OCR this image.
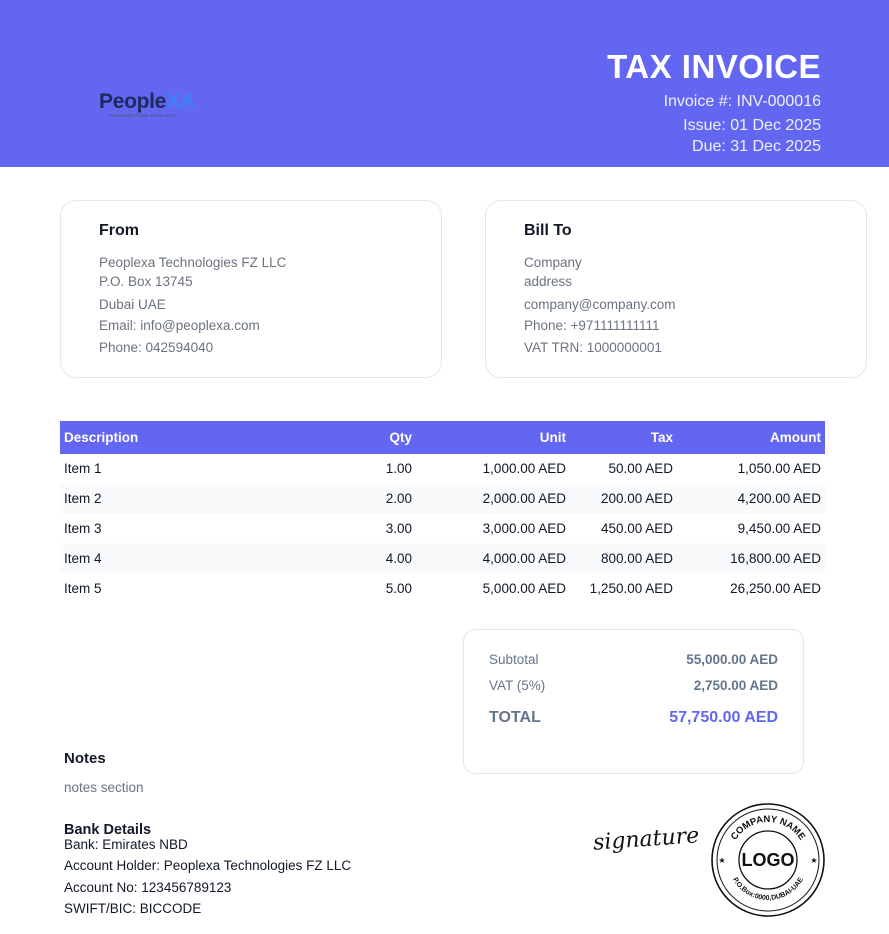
PeopleXA
Powered by People, Driven by XA
TAX INVOICE
Invoice #: INV-000016
Issue: 01 Dec 2025
Due: 31 Dec 2025
From
Peoplexa Technologies FZ LLC
P.O. Box 13745
Dubai UAE
Email: info@peoplexa.com
Phone: 042594040
Bill To
Company
address
company@company.com
Phone: +971111111111
VAT TRN: 1000000001
Description	Qty	Unit	Tax	Amount
Item 1	1.00	1,000.00 AED	50.00 AED	1,050.00 AED
Item 2	2.00	2,000.00 AED	200.00 AED	4,200.00 AED
Item 3	3.00	3,000.00 AED	450.00 AED	9,450.00 AED
Item 4	4.00	4,000.00 AED	800.00 AED	16,800.00 AED
Item 5	5.00	5,000.00 AED	1,250.00 AED	26,250.00 AED
Subtotal	55,000.00 AED
VAT (5%)	2,750.00 AED
TOTAL	57,750.00 AED
Notes
notes section
Bank Details
Bank: Emirates NBD
Account Holder: Peoplexa Technologies FZ LLC
Account No: 123456789123
SWIFT/BIC: BICCODE
signature	COMPANY NAME
P.O.Box:0000,DUBAI-UAE
LOGO
★	★
